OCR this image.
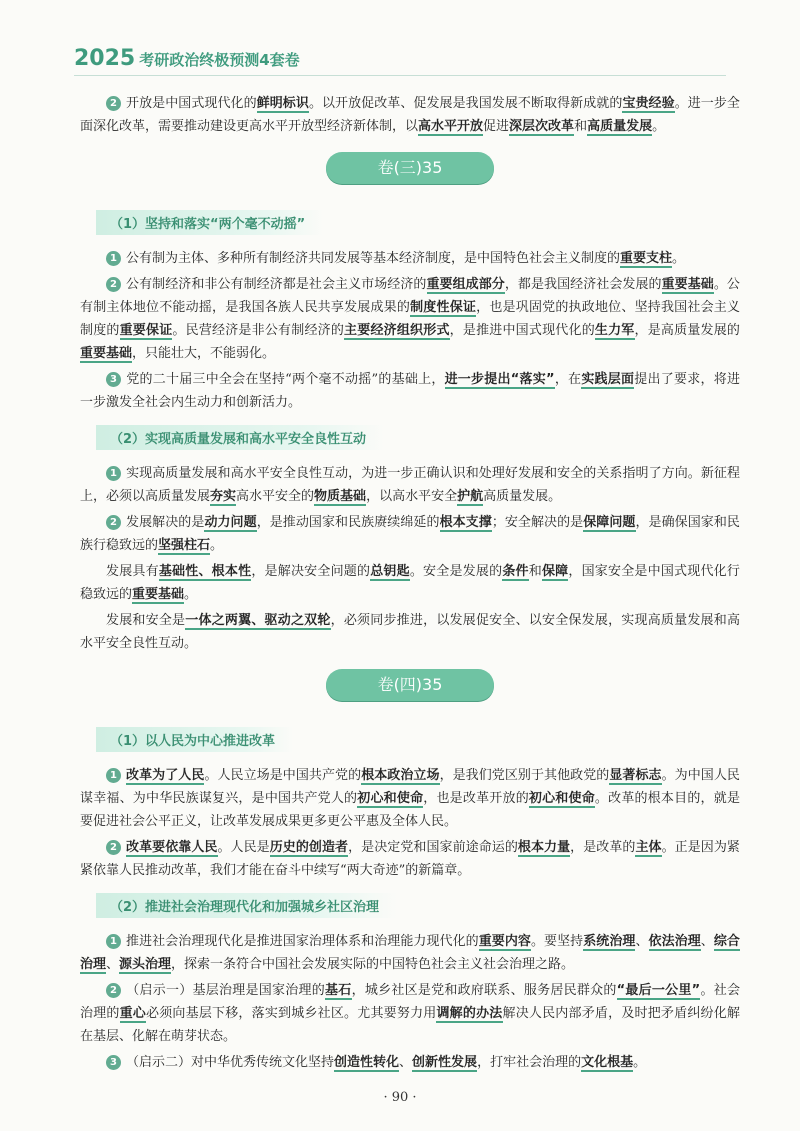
2025 考研政治终极预测4套卷

2 开放是中国式现代化的鲜明标识。以开放促改革、促发展是我国发展不断取得新成就的宝贵经验。进一步全面深化改革，需要推动建设更高水平开放型经济新体制，以高水平开放促进深层次改革和高质量发展。

卷(三)35
（1）坚持和落实“两个毫不动摇”

1 公有制为主体、多种所有制经济共同发展等基本经济制度，是中国特色社会主义制度的重要支柱。

2 公有制经济和非公有制经济都是社会主义市场经济的重要组成部分，都是我国经济社会发展的重要基础。公有制主体地位不能动摇，是我国各族人民共享发展成果的制度性保证，也是巩固党的执政地位、坚持我国社会主义制度的重要保证。民营经济是非公有制经济的主要经济组织形式，是推进中国式现代化的生力军，是高质量发展的重要基础，只能壮大，不能弱化。

3 党的二十届三中全会在坚持“两个毫不动摇”的基础上，进一步提出“落实”，在实践层面提出了要求，将进一步激发全社会内生动力和创新活力。

（2）实现高质量发展和高水平安全良性互动

1 实现高质量发展和高水平安全良性互动，为进一步正确认识和处理好发展和安全的关系指明了方向。新征程上，必须以高质量发展夯实高水平安全的物质基础，以高水平安全护航高质量发展。

2 发展解决的是动力问题，是推动国家和民族赓续绵延的根本支撑；安全解决的是保障问题，是确保国家和民族行稳致远的坚强柱石。

发展具有基础性、根本性，是解决安全问题的总钥匙。安全是发展的条件和保障，国家安全是中国式现代化行稳致远的重要基础。

发展和安全是一体之两翼、驱动之双轮，必须同步推进，以发展促安全、以安全保发展，实现高质量发展和高水平安全良性互动。

卷(四)35
（1）以人民为中心推进改革

1 改革为了人民。人民立场是中国共产党的根本政治立场，是我们党区别于其他政党的显著标志。为中国人民谋幸福、为中华民族谋复兴，是中国共产党人的初心和使命，也是改革开放的初心和使命。改革的根本目的，就是要促进社会公平正义，让改革发展成果更多更公平惠及全体人民。

2 改革要依靠人民。人民是历史的创造者，是决定党和国家前途命运的根本力量，是改革的主体。正是因为紧紧依靠人民推动改革，我们才能在奋斗中续写“两大奇迹”的新篇章。

（2）推进社会治理现代化和加强城乡社区治理

1 推进社会治理现代化是推进国家治理体系和治理能力现代化的重要内容。要坚持系统治理、依法治理、综合治理、源头治理，探索一条符合中国社会发展实际的中国特色社会主义社会治理之路。

2 （启示一）基层治理是国家治理的基石，城乡社区是党和政府联系、服务居民群众的“最后一公里”。社会治理的重心必须向基层下移，落实到城乡社区。尤其要努力用调解的办法解决人民内部矛盾，及时把矛盾纠纷化解在基层、化解在萌芽状态。

3 （启示二）对中华优秀传统文化坚持创造性转化、创新性发展，打牢社会治理的文化根基。

· 90 ·
